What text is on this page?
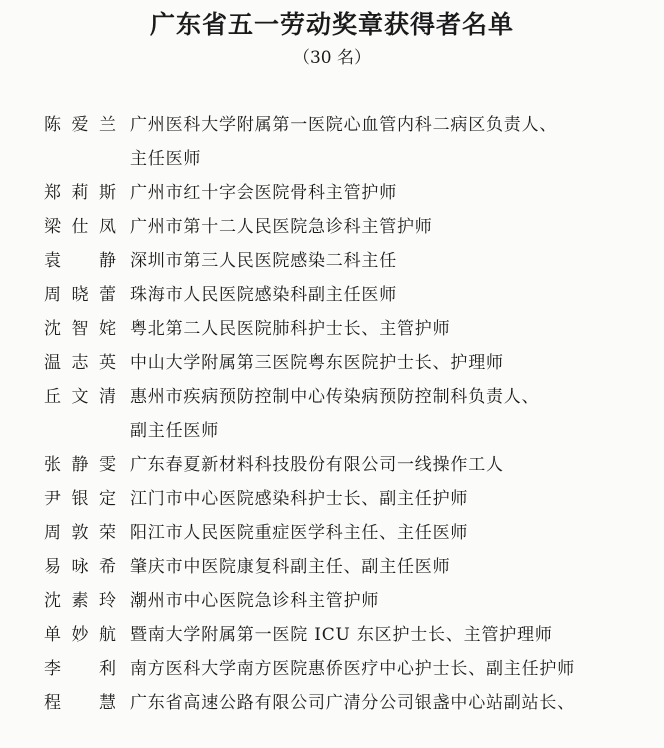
广东省五一劳动奖章获得者名单
（30 名）
陈爱兰 广州医科大学附属第一医院心血管内科二病区负责人、
主任医师
郑莉斯 广州市红十字会医院骨科主管护师
梁仕凤 广州市第十二人民医院急诊科主管护师
袁 静 深圳市第三人民医院感染二科主任
周晓蕾 珠海市人民医院感染科副主任医师
沈智姹 粤北第二人民医院肺科护士长、主管护师
温志英 中山大学附属第三医院粤东医院护士长、护理师
丘文清 惠州市疾病预防控制中心传染病预防控制科负责人、
副主任医师
张静雯 广东春夏新材料科技股份有限公司一线操作工人
尹银定 江门市中心医院感染科护士长、副主任护师
周敦荣 阳江市人民医院重症医学科主任、主任医师
易咏希 肇庆市中医院康复科副主任、副主任医师
沈素玲 潮州市中心医院急诊科主管护师
单妙航 暨南大学附属第一医院 ICU 东区护士长、主管护理师
李 利 南方医科大学南方医院惠侨医疗中心护士长、副主任护师
程 慧 广东省高速公路有限公司广清分公司银盏中心站副站长、
